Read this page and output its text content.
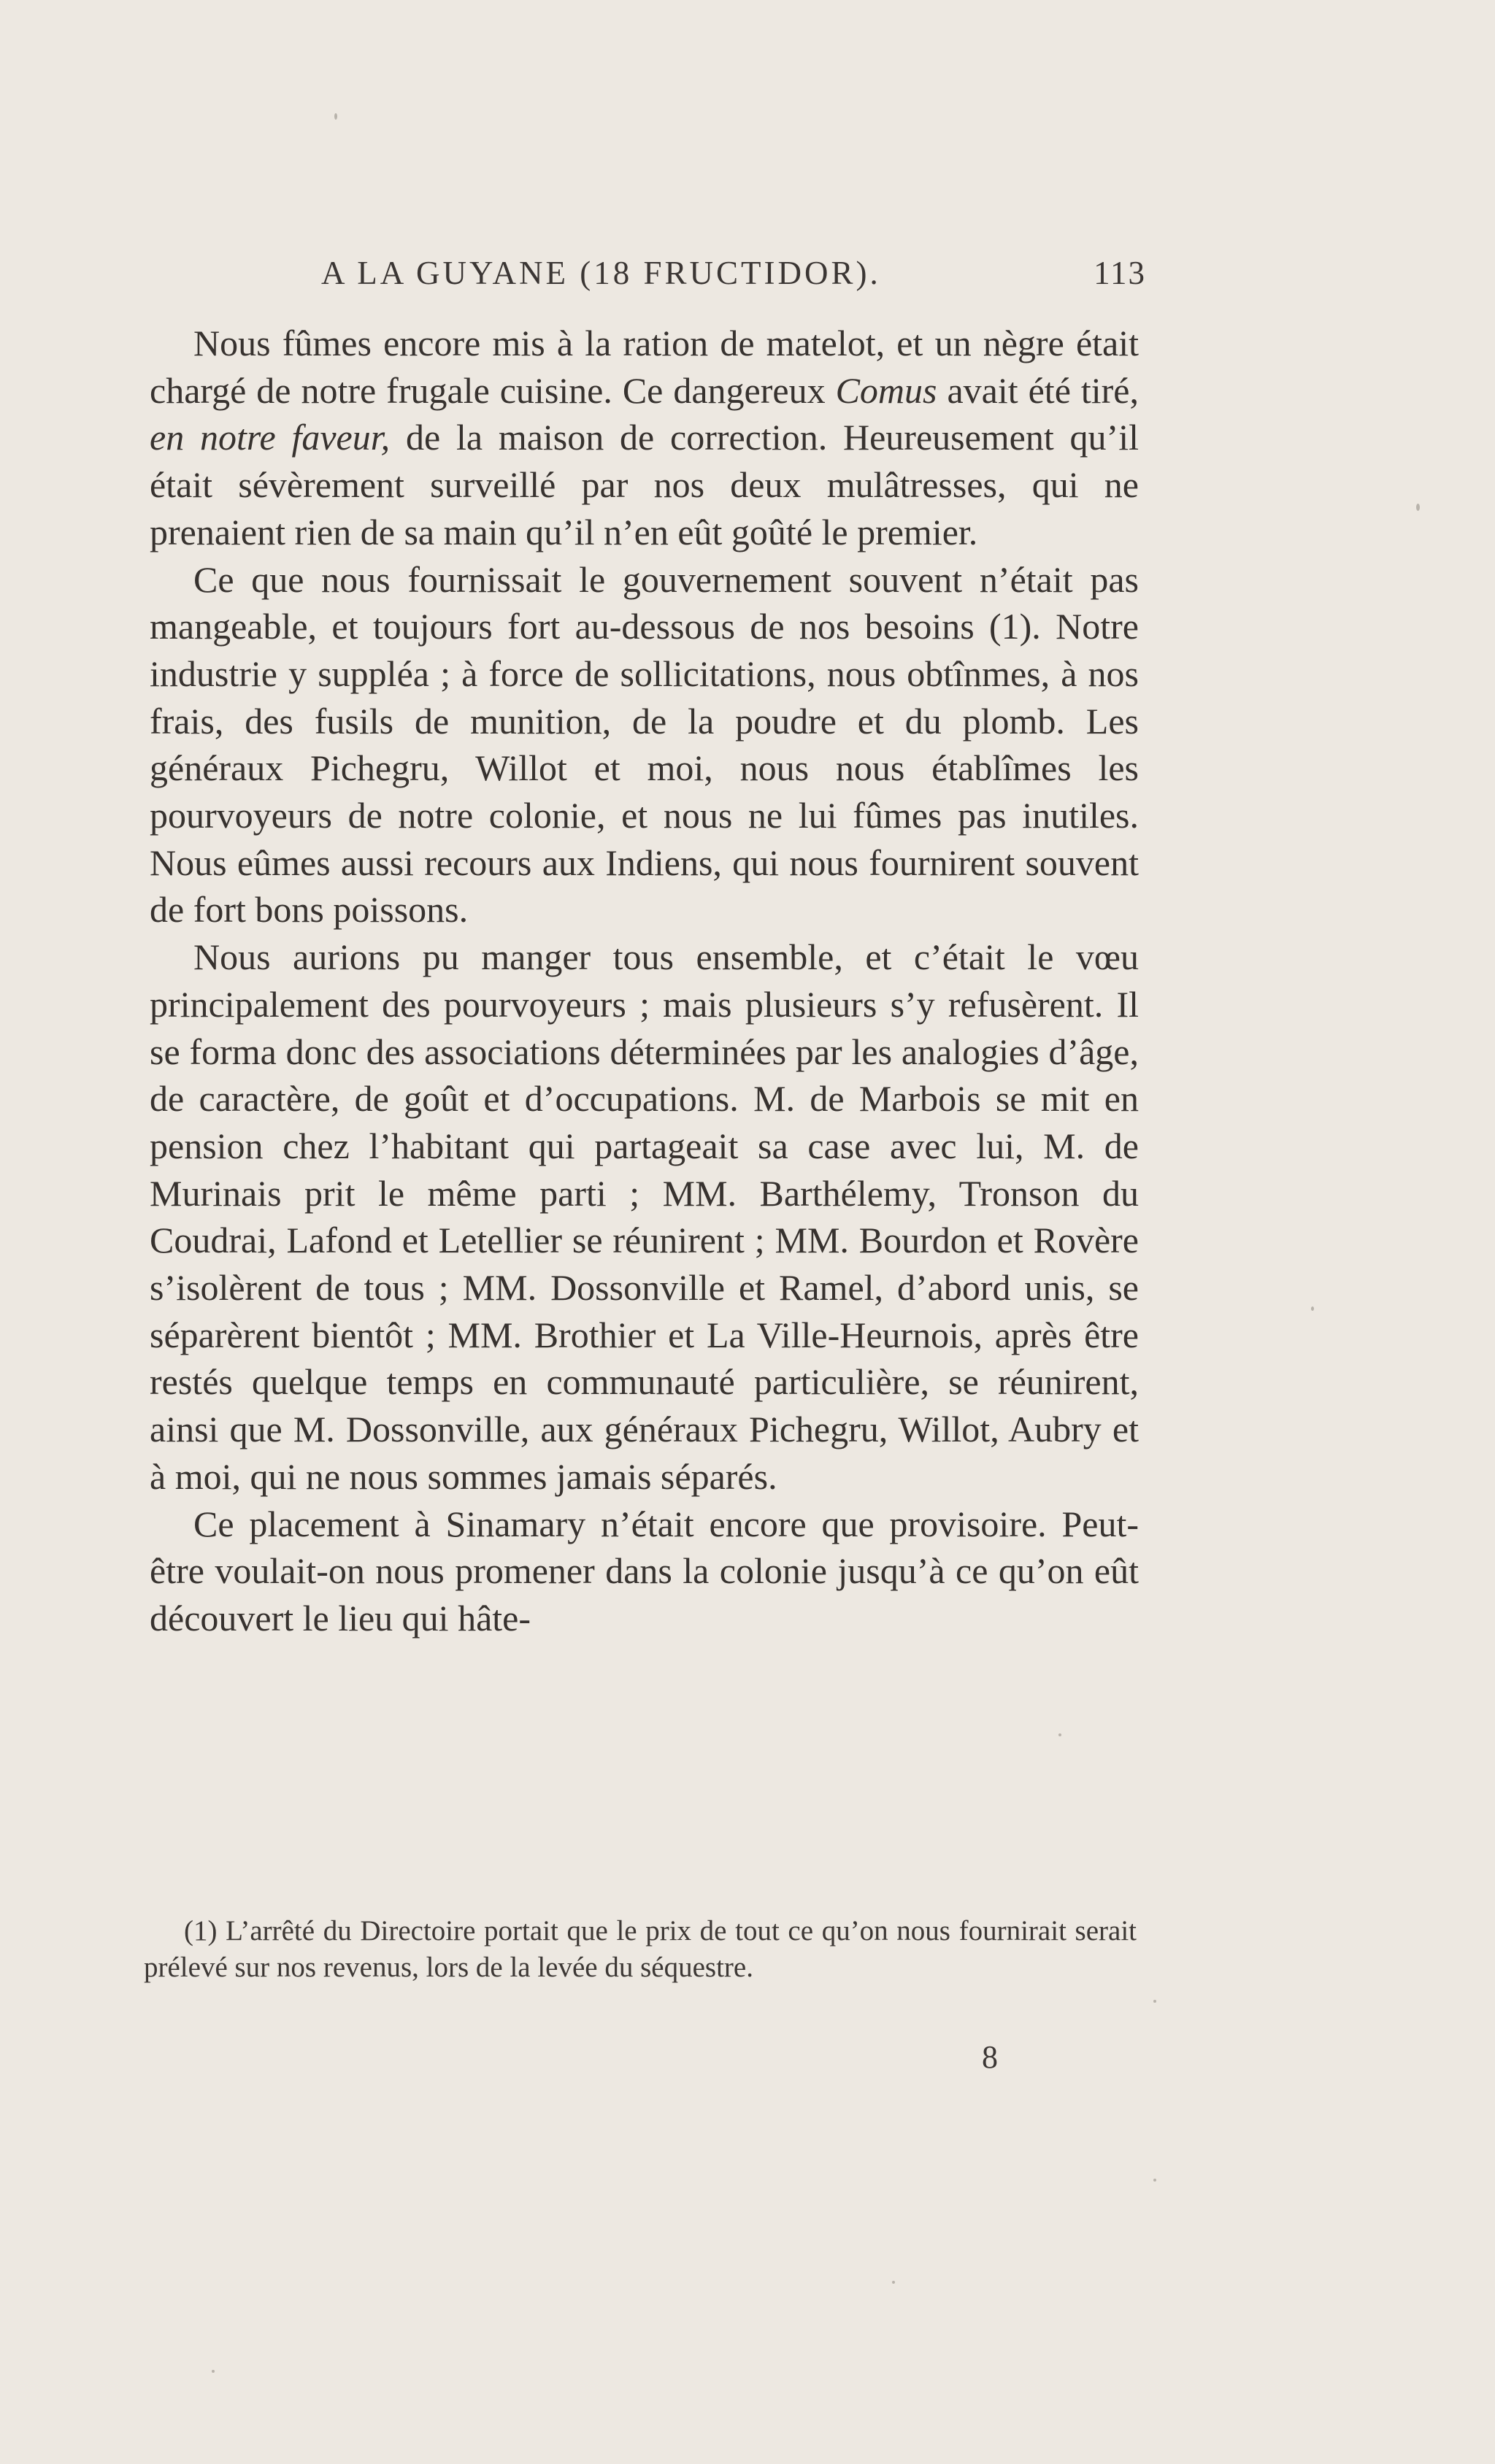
A LA GUYANE (18 FRUCTIDOR).	113

Nous fûmes encore mis à la ration de matelot, et un nègre était chargé de notre frugale cuisine. Ce dangereux Comus avait été tiré, en notre faveur, de la maison de correction. Heureusement qu’il était sévèrement surveillé par nos deux mulâtresses, qui ne prenaient rien de sa main qu’il n’en eût goûté le premier.

Ce que nous fournissait le gouvernement souvent n’était pas mangeable, et toujours fort au-dessous de nos besoins (1). Notre industrie y suppléa ; à force de sollicitations, nous obtînmes, à nos frais, des fusils de munition, de la poudre et du plomb. Les généraux Pichegru, Willot et moi, nous nous établîmes les pourvoyeurs de notre colonie, et nous ne lui fûmes pas inutiles. Nous eûmes aussi recours aux Indiens, qui nous fournirent souvent de fort bons poissons.

Nous aurions pu manger tous ensemble, et c’était le vœu principalement des pourvoyeurs ; mais plusieurs s’y refusèrent. Il se forma donc des associations déterminées par les analogies d’âge, de caractère, de goût et d’occupations. M. de Marbois se mit en pension chez l’habitant qui partageait sa case avec lui, M. de Murinais prit le même parti ; MM. Barthélemy, Tronson du Coudrai, Lafond et Letellier se réunirent ; MM. Bourdon et Rovère s’isolèrent de tous ; MM. Dossonville et Ramel, d’abord unis, se séparèrent bientôt ; MM. Brothier et La Ville-Heurnois, après être restés quelque temps en communauté particulière, se réunirent, ainsi que M. Dossonville, aux généraux Pichegru, Willot, Aubry et à moi, qui ne nous sommes jamais séparés.

Ce placement à Sinamary n’était encore que provisoire. Peut-être voulait-on nous promener dans la colonie jusqu’à ce qu’on eût découvert le lieu qui hâte-

(1) L’arrêté du Directoire portait que le prix de tout ce qu’on nous fournirait serait prélevé sur nos revenus, lors de la levée du séquestre.

8
